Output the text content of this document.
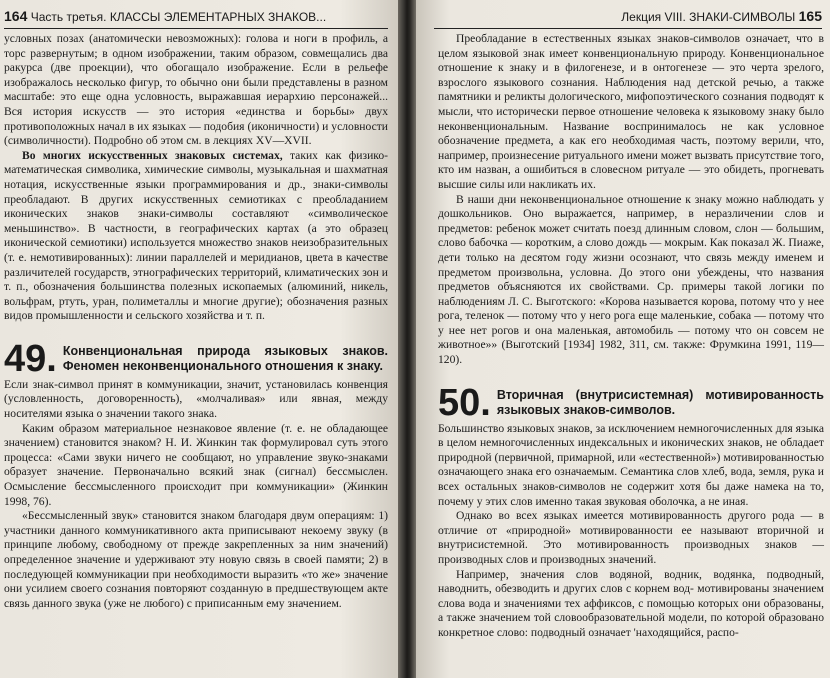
164 Часть третья. КЛАССЫ ЭЛЕМЕНТАРНЫХ ЗНАКОВ...

условных позах (анатомически невозможных): голова и ноги в профиль, а торс развернутым; в одном изображении, таким образом, совмещались два ракурса (две проекции), что обогащало изображение. Если в рельефе изображалось несколько фигур, то обычно они были представлены в разном масштабе: это еще одна условность, выражавшая иерархию персонажей... Вся история искусств — это история «единства и борьбы» двух противоположных начал в их языках — подобия (иконичности) и условности (символичности). Подробно об этом см. в лекциях XV—XVII.

Во многих искусственных знаковых системах, таких как физико-математическая символика, химические символы, музыкальная и шахматная нотация, искусственные языки программирования и др., знаки-символы преобладают. В других искусственных семиотиках с преобладанием иконических знаков знаки-символы составляют «символическое меньшинство». В частности, в географических картах (а это образец иконической семиотики) используется множество знаков неизобразительных (т. е. немотивированных): линии параллелей и меридианов, цвета в качестве различителей государств, этнографических территорий, климатических зон и т. п., обозначения большинства полезных ископаемых (алюминий, никель, вольфрам, ртуть, уран, полиметаллы и многие другие); обозначения разных видов промышленности и сельского хозяйства и т. п.

49. Конвенциональная природа языковых знаков. Феномен неконвенционального отношения к знаку.

Если знак-символ принят в коммуникации, значит, установилась конвенция (условленность, договоренность), «молчаливая» или явная, между носителями языка о значении такого знака.

Каким образом материальное незнаковое явление (т. е. не обладающее значением) становится знаком? Н. И. Жинкин так формулировал суть этого процесса: «Сами звуки ничего не сообщают, но управление звуко-знаками образует значение. Первоначально всякий знак (сигнал) бессмыслен. Осмысление бессмысленного происходит при коммуникации» (Жинкин 1998, 76).

«Бессмысленный звук» становится знаком благодаря двум операциям: 1) участники данного коммуникативного акта приписывают некоему звуку (в принципе любому, свободному от прежде закрепленных за ним значений) определенное значение и удерживают эту новую связь в своей памяти; 2) в последующей коммуникации при необходимости выразить «то же» значение они усилием своего сознания повторяют созданную в предшествующем акте связь данного звука (уже не любого) с приписанным ему значением.

Лекция VIII. ЗНАКИ-СИМВОЛЫ 165

Преобладание в естественных языках знаков-символов означает, что в целом языковой знак имеет конвенциональную природу. Конвенциональное отношение к знаку и в филогенезе, и в онтогенезе — это черта зрелого, взрослого языкового сознания. Наблюдения над детской речью, а также памятники и реликты дологического, мифопоэтического сознания подводят к мысли, что исторически первое отношение человека к языковому знаку было неконвенциональным. Название воспринималось не как условное обозначение предмета, а как его необходимая часть, поэтому верили, что, например, произнесение ритуального имени может вызвать присутствие того, кто им назван, а ошибиться в словесном ритуале — это обидеть, прогневать высшие силы или накликать их.

В наши дни неконвенциональное отношение к знаку можно наблюдать у дошкольников. Оно выражается, например, в неразличении слов и предметов: ребенок может считать поезд длинным словом, слон — большим, слово бабочка — коротким, а слово дождь — мокрым. Как показал Ж. Пиаже, дети только на десятом году жизни осознают, что связь между именем и предметом произвольна, условна. До этого они убеждены, что названия предметов объясняются их свойствами. Ср. примеры такой логики по наблюдениям Л. С. Выготского: «Корова называется корова, потому что у нее рога, теленок — потому что у него рога еще маленькие, собака — потому что у нее нет рогов и она маленькая, автомобиль — потому что он совсем не животное»» (Выготский [1934] 1982, 311, см. также: Фрумкина 1991, 119—120).

50. Вторичная (внутрисистемная) мотивированность языковых знаков-символов.

Большинство языковых знаков, за исключением немногочисленных для языка в целом немногочисленных индексальных и иконических знаков, не обладает природной (первичной, примарной, или «естественной») мотивированностью означающего знака его означаемым. Семантика слов хлеб, вода, земля, рука и всех остальных знаков-символов не содержит хотя бы даже намека на то, почему у этих слов именно такая звуковая оболочка, а не иная.

Однако во всех языках имеется мотивированность другого рода — в отличие от «природной» мотивированности ее называют вторичной и внутрисистемной. Это мотивированность производных знаков — производных слов и производных значений.

Например, значения слов водяной, водник, водянка, подводный, наводнить, обезводить и других слов с корнем вод- мотивированы значением слова вода и значениями тех аффиксов, с помощью которых они образованы, а также значением той словообразовательной модели, по которой образовано конкретное слово: подводный означает 'находящийся, распо-
